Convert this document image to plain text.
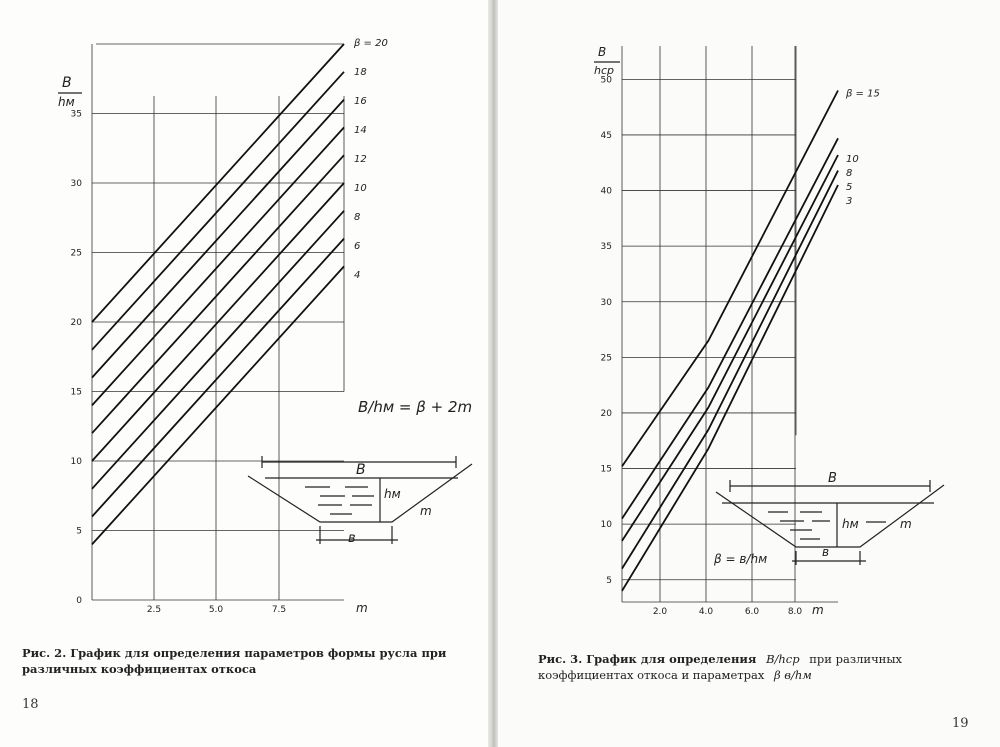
0
5
10
15
20
25
30
35
2.5	5.0	7.5
β = 20
18
16
14
12
10
8
6
4
B
hм
m
B/hм = β + 2m
B
hм
m
в
5
10
15
20
25
30
35
40
45
50
2.0	4.0	6.0	8.0
β = 15
10
8
5
3
B
hср
m
β = в/hм
B
hм	m
в
Рис. 2. График для определения параметров формы русла при различных коэффициентах откоса
Рис. 3. График для определения B/hср при различных коэффициентах откоса и параметрах β в/hм
18
19
